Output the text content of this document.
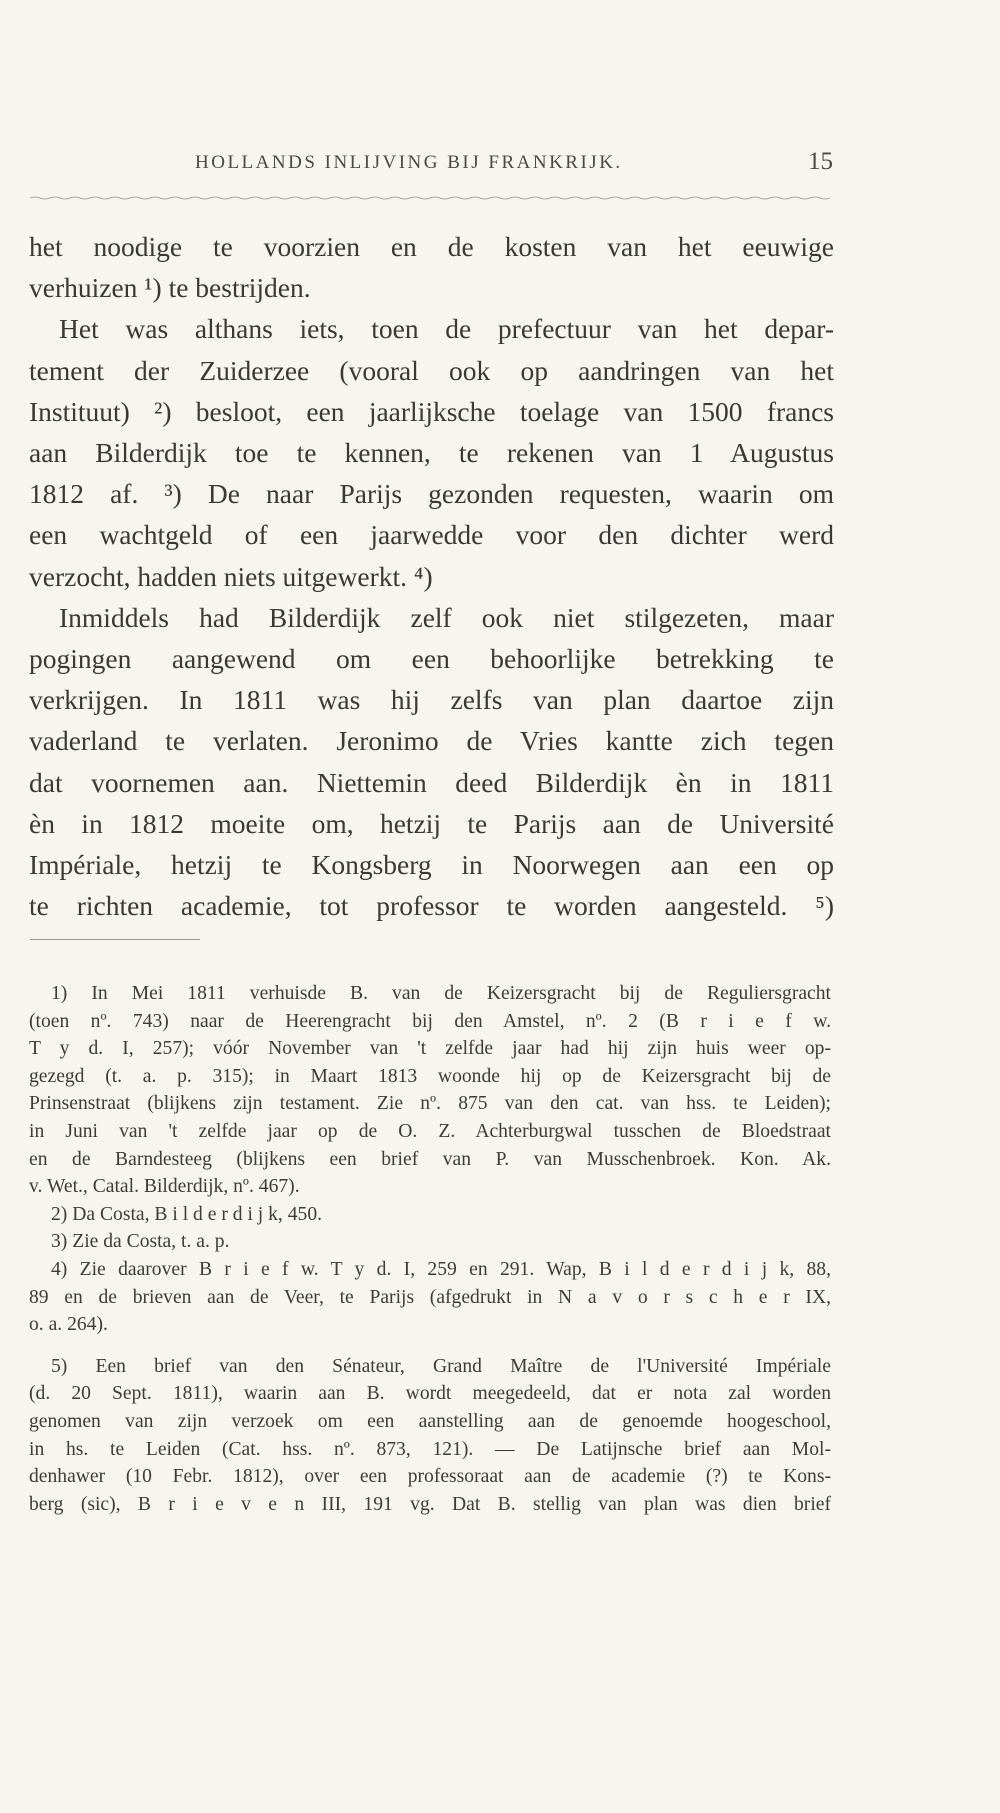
HOLLANDS INLIJVING BIJ FRANKRIJK.	15
het noodige te voorzien en de kosten van het eeuwige
verhuizen ¹) te bestrijden.
Het was althans iets, toen de prefectuur van het depar-
tement der Zuiderzee (vooral ook op aandringen van het
Instituut) ²) besloot, een jaarlijksche toelage van 1500 francs
aan Bilderdijk toe te kennen, te rekenen van 1 Augustus
1812 af. ³) De naar Parijs gezonden requesten, waarin om
een wachtgeld of een jaarwedde voor den dichter werd
verzocht, hadden niets uitgewerkt. ⁴)
Inmiddels had Bilderdijk zelf ook niet stilgezeten, maar
pogingen aangewend om een behoorlijke betrekking te
verkrijgen. In 1811 was hij zelfs van plan daartoe zijn
vaderland te verlaten. Jeronimo de Vries kantte zich tegen
dat voornemen aan. Niettemin deed Bilderdijk èn in 1811
èn in 1812 moeite om, hetzij te Parijs aan de Université
Impériale, hetzij te Kongsberg in Noorwegen aan een op
te richten academie, tot professor te worden aangesteld. ⁵)
1) In Mei 1811 verhuisde B. van de Keizersgracht bij de Reguliersgracht
(toen nº. 743) naar de Heerengracht bij den Amstel, nº. 2 (B r i e f w.
T y d. I, 257); vóór November van 't zelfde jaar had hij zijn huis weer op-
gezegd (t. a. p. 315); in Maart 1813 woonde hij op de Keizersgracht bij de
Prinsenstraat (blijkens zijn testament. Zie nº. 875 van den cat. van hss. te Leiden);
in Juni van 't zelfde jaar op de O. Z. Achterburgwal tusschen de Bloedstraat
en de Barndesteeg (blijkens een brief van P. van Musschenbroek. Kon. Ak.
v. Wet., Catal. Bilderdijk, nº. 467).
2) Da Costa, B i l d e r d i j k, 450.
3) Zie da Costa, t. a. p.
4) Zie daarover B r i e f w. T y d. I, 259 en 291. Wap, B i l d e r d i j k, 88,
89 en de brieven aan de Veer, te Parijs (afgedrukt in N a v o r s c h e r IX,
o. a. 264).
5) Een brief van den Sénateur, Grand Maître de l'Université Impériale
(d. 20 Sept. 1811), waarin aan B. wordt meegedeeld, dat er nota zal worden
genomen van zijn verzoek om een aanstelling aan de genoemde hoogeschool,
in hs. te Leiden (Cat. hss. nº. 873, 121). — De Latijnsche brief aan Mol-
denhawer (10 Febr. 1812), over een professoraat aan de academie (?) te Kons-
berg (sic), B r i e v e n III, 191 vg. Dat B. stellig van plan was dien brief
